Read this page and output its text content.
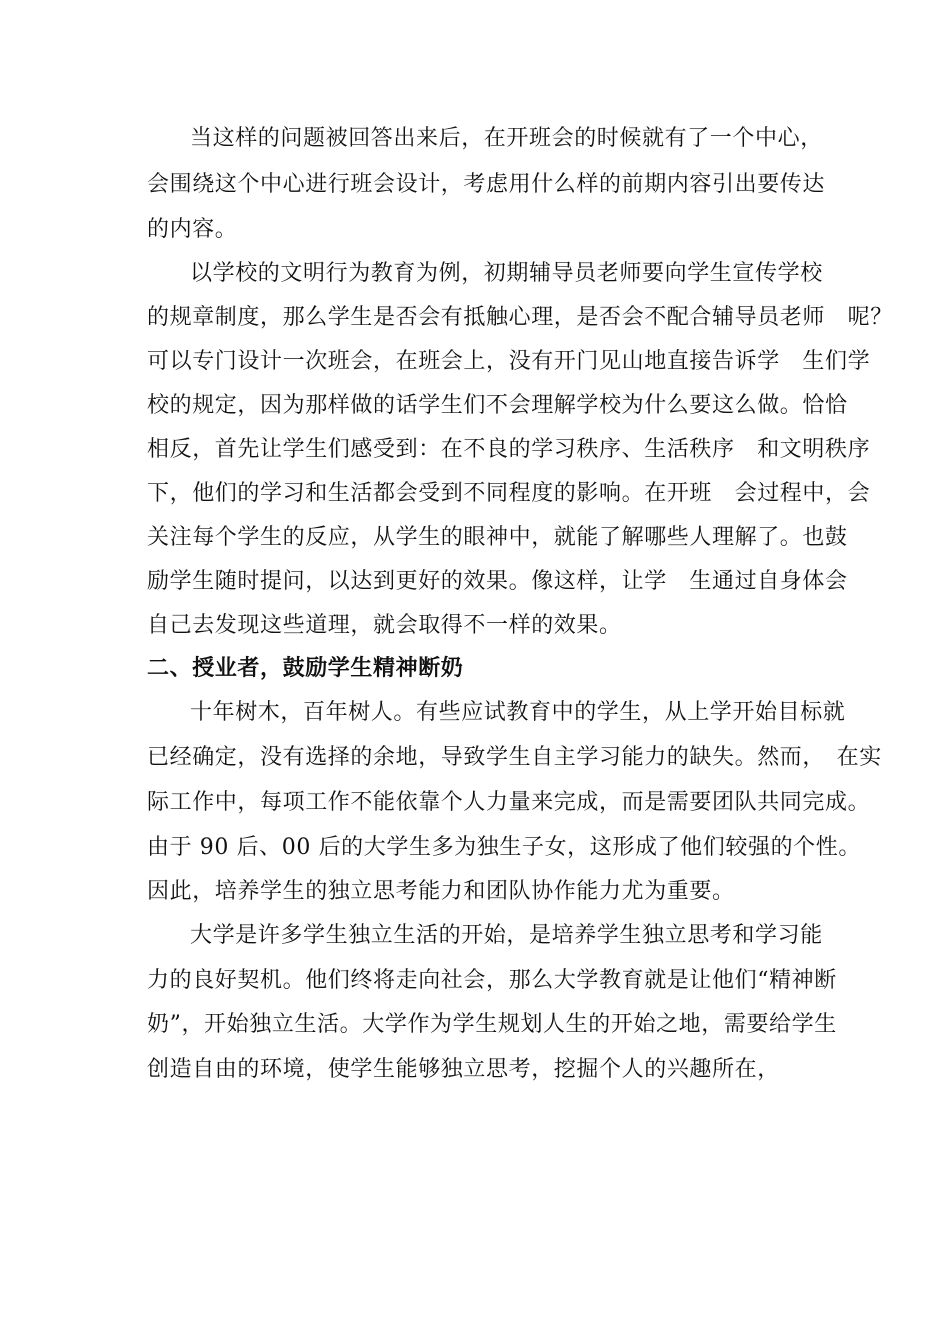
当这样的问题被回答出来后，在开班会的时候就有了一个中心，
会围绕这个中心进行班会设计，考虑用什么样的前期内容引出要传达
的内容。
以学校的文明行为教育为例，初期辅导员老师要向学生宣传学校
的规章制度，那么学生是否会有抵触心理，是否会不配合辅导员老师　呢？
可以专门设计一次班会，在班会上，没有开门见山地直接告诉学　生们学
校的规定，因为那样做的话学生们不会理解学校为什么要这么做。恰恰
相反，首先让学生们感受到：在不良的学习秩序、生活秩序　和文明秩序
下，他们的学习和生活都会受到不同程度的影响。在开班　会过程中，会
关注每个学生的反应，从学生的眼神中，就能了解哪些人理解了。也鼓
励学生随时提问，以达到更好的效果。像这样，让学　生通过自身体会
自己去发现这些道理，就会取得不一样的效果。
二、授业者，鼓励学生精神断奶
十年树木，百年树人。有些应试教育中的学生，从上学开始目标就
已经确定，没有选择的余地，导致学生自主学习能力的缺失。然而，　在实
际工作中，每项工作不能依靠个人力量来完成，而是需要团队共同完成。
由于 90 后、00 后的大学生多为独生子女，这形成了他们较强的个性。
因此，培养学生的独立思考能力和团队协作能力尤为重要。
大学是许多学生独立生活的开始，是培养学生独立思考和学习能
力的良好契机。他们终将走向社会，那么大学教育就是让他们“精神断
奶”，开始独立生活。大学作为学生规划人生的开始之地，需要给学生
创造自由的环境，使学生能够独立思考，挖掘个人的兴趣所在，
